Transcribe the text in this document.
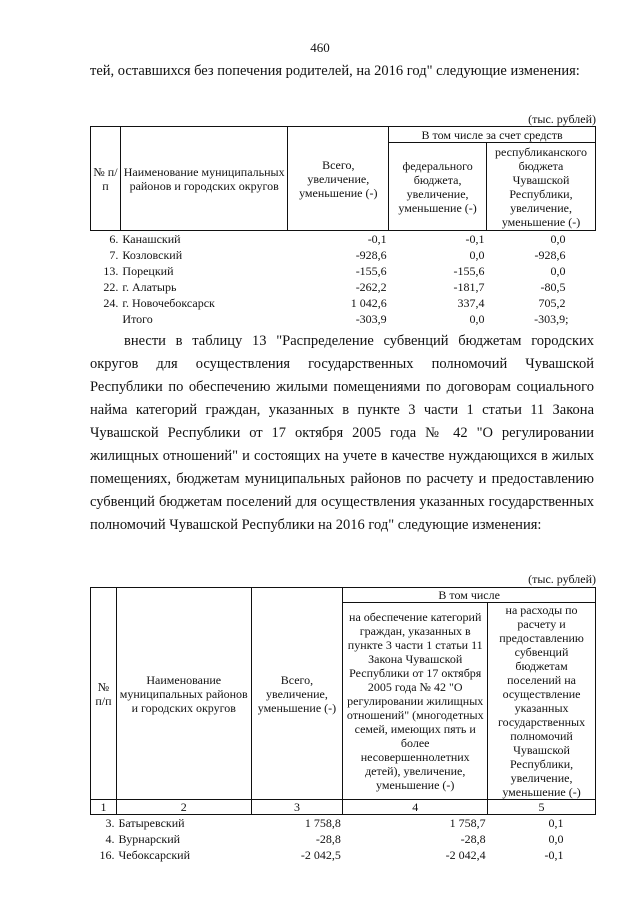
460
тей, оставшихся без попечения родителей, на 2016 год" следующие изменения:
(тыс. рублей)
№ п/п	Наименование муниципальных районов и городских округов	Всего, увеличение, уменьшение (-)	В том числе за счет средств	
			федерального бюджета, увеличение, уменьшение (-)	республиканского бюджета Чувашской Республики, увеличение, уменьшение (-)
6.	Канашский	-0,1	-0,1	0,0
7.	Козловский	-928,6	0,0	-928,6
13.	Порецкий	-155,6	-155,6	0,0
22.	г. Алатырь	-262,2	-181,7	-80,5
24.	г. Новочебоксарск	1 042,6	337,4	705,2
	Итого	-303,9	0,0	-303,9;
внести в таблицу 13 "Распределение субвенций бюджетам городских округов для осуществления государственных полномочий Чувашской Республики по обеспечению жилыми помещениями по договорам социального найма категорий граждан, указанных в пункте 3 части 1 статьи 11 Закона Чувашской Республики от 17 октября 2005 года № 42 "О регулировании жилищных отношений" и состоящих на учете в качестве нуждающихся в жилых помещениях, бюджетам муниципальных районов по расчету и предоставлению субвенций бюджетам поселений для осуществления указанных государственных полномочий Чувашской Республики на 2016 год" следующие изменения:
(тыс. рублей)
№ п/п	Наименование муниципальных районов и городских округов	Всего, увеличение, уменьшение (-)	В том числе	
			на обеспечение категорий граждан, указанных в пункте 3 части 1 статьи 11 Закона Чувашской Республики от 17 октября 2005 года № 42 "О регулировании жилищных отношений" (многодетных семей, имеющих пять и более несовершеннолетних детей), увеличение, уменьшение (-)	на расходы по расчету и предоставлению субвенций бюджетам поселений на осуществление указанных государственных полномочий Чувашской Республики, увеличение, уменьшение (-)
1	2	3	4	5
3.	Батыревский	1 758,8	1 758,7	0,1
4.	Вурнарский	-28,8	-28,8	0,0
16.	Чебоксарский	-2 042,5	-2 042,4	-0,1
